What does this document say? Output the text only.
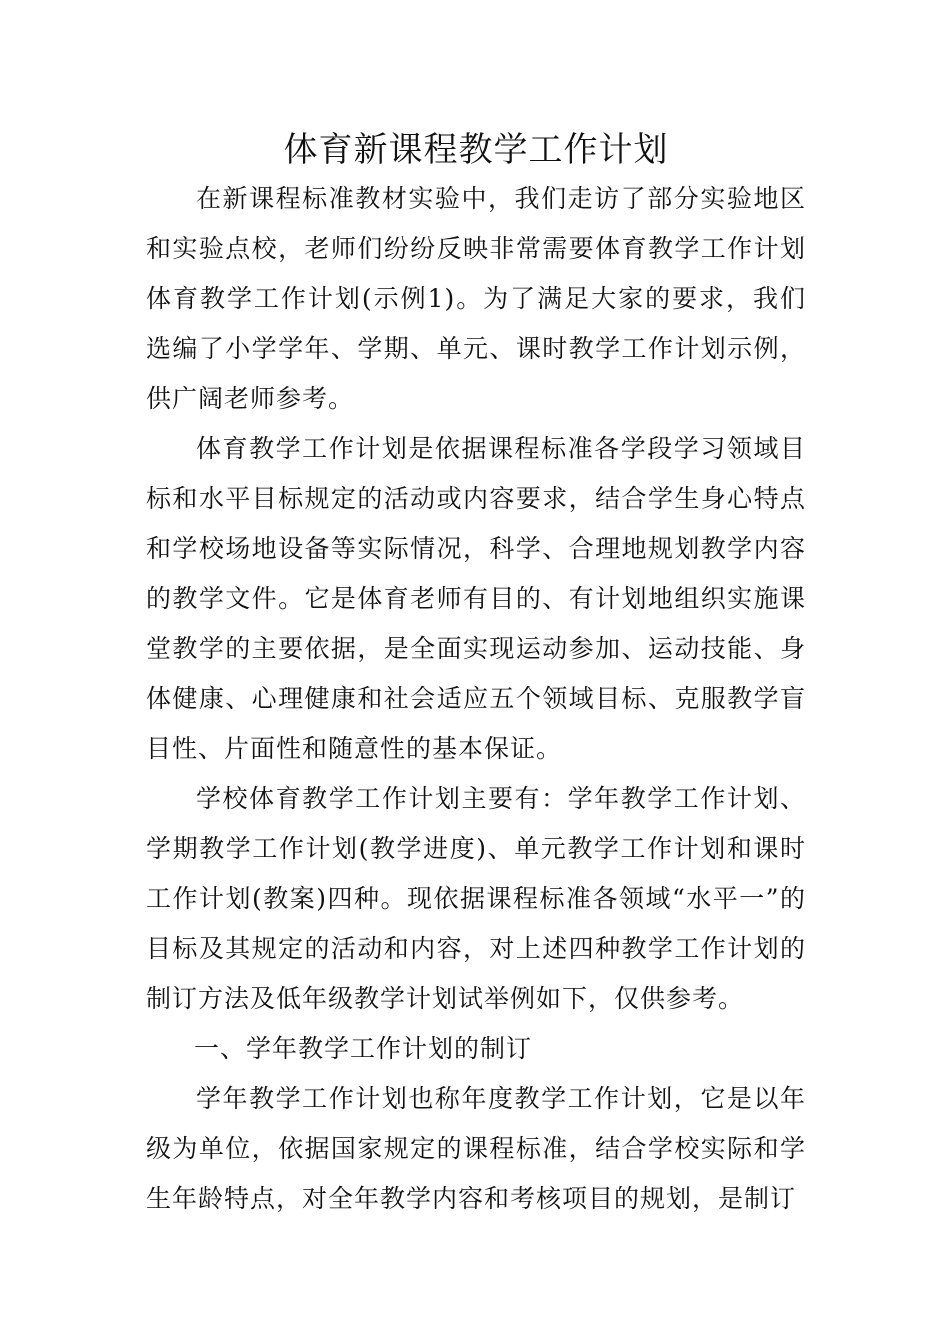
体育新课程教学工作计划

在新课程标准教材实验中，我们走访了部分实验地区和实验点校，老师们纷纷反映非常需要体育教学工作计划体育教学工作计划(示例1)。为了满足大家的要求，我们选编了小学学年、学期、单元、课时教学工作计划示例，供广阔老师参考。

体育教学工作计划是依据课程标准各学段学习领域目标和水平目标规定的活动或内容要求，结合学生身心特点和学校场地设备等实际情况，科学、合理地规划教学内容的教学文件。它是体育老师有目的、有计划地组织实施课堂教学的主要依据，是全面实现运动参加、运动技能、身体健康、心理健康和社会适应五个领域目标、克服教学盲目性、片面性和随意性的基本保证。

学校体育教学工作计划主要有：学年教学工作计划、学期教学工作计划(教学进度)、单元教学工作计划和课时工作计划(教案)四种。现依据课程标准各领域“水平一”的目标及其规定的活动和内容，对上述四种教学工作计划的制订方法及低年级教学计划试举例如下，仅供参考。

一、学年教学工作计划的制订

学年教学工作计划也称年度教学工作计划，它是以年级为单位，依据国家规定的课程标准，结合学校实际和学生年龄特点，对全年教学内容和考核项目的规划，是制订
